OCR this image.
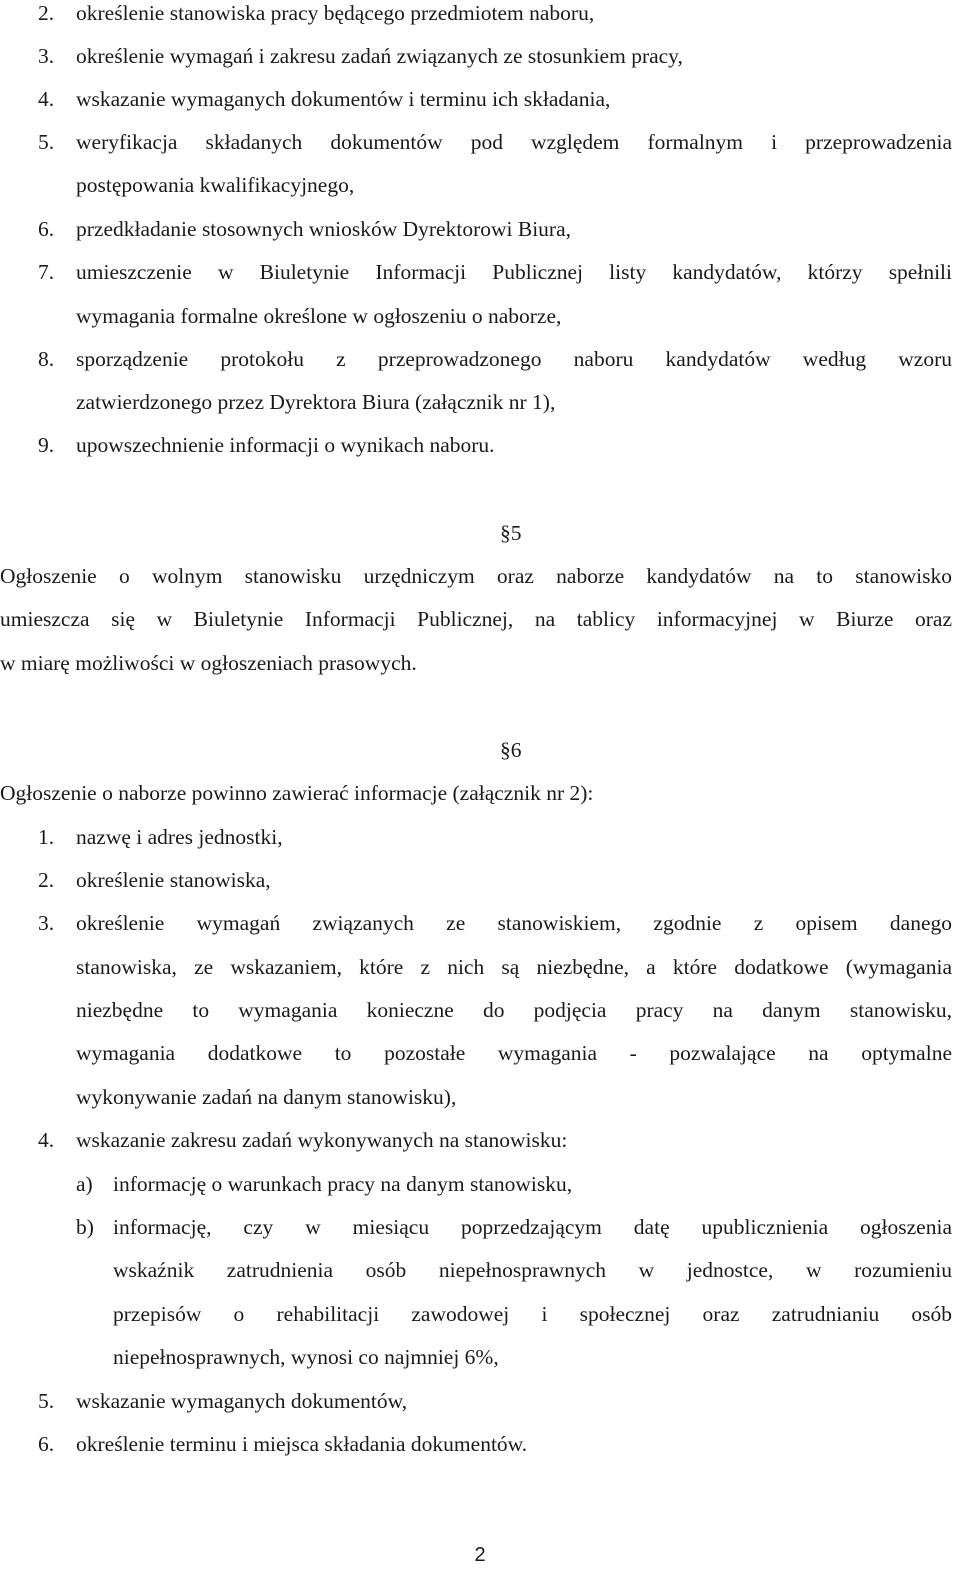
2. określenie stanowiska pracy będącego przedmiotem naboru,
3. określenie wymagań i zakresu zadań związanych ze stosunkiem pracy,
4. wskazanie wymaganych dokumentów i terminu ich składania,
5. weryfikacja składanych dokumentów pod względem formalnym i przeprowadzenia
postępowania kwalifikacyjnego,
6. przedkładanie stosownych wniosków Dyrektorowi Biura,
7. umieszczenie w Biuletynie Informacji Publicznej listy kandydatów, którzy spełnili
wymagania formalne określone w ogłoszeniu o naborze,
8. sporządzenie protokołu z przeprowadzonego naboru kandydatów według wzoru
zatwierdzonego przez Dyrektora Biura (załącznik nr 1),
9. upowszechnienie informacji o wynikach naboru.
§5
Ogłoszenie o wolnym stanowisku urzędniczym oraz naborze kandydatów na to stanowisko
umieszcza się w Biuletynie Informacji Publicznej, na tablicy informacyjnej w Biurze oraz
w miarę możliwości w ogłoszeniach prasowych.
§6
Ogłoszenie o naborze powinno zawierać informacje (załącznik nr 2):
1. nazwę i adres jednostki,
2. określenie stanowiska,
3. określenie wymagań związanych ze stanowiskiem, zgodnie z opisem danego
stanowiska, ze wskazaniem, które z nich są niezbędne, a które dodatkowe (wymagania
niezbędne to wymagania konieczne do podjęcia pracy na danym stanowisku,
wymagania dodatkowe to pozostałe wymagania - pozwalające na optymalne
wykonywanie zadań na danym stanowisku),
4. wskazanie zakresu zadań wykonywanych na stanowisku:
a) informację o warunkach pracy na danym stanowisku,
b) informację, czy w miesiącu poprzedzającym datę upublicznienia ogłoszenia
wskaźnik zatrudnienia osób niepełnosprawnych w jednostce, w rozumieniu
przepisów o rehabilitacji zawodowej i społecznej oraz zatrudnianiu osób
niepełnosprawnych, wynosi co najmniej 6%,
5. wskazanie wymaganych dokumentów,
6. określenie terminu i miejsca składania dokumentów.
2
